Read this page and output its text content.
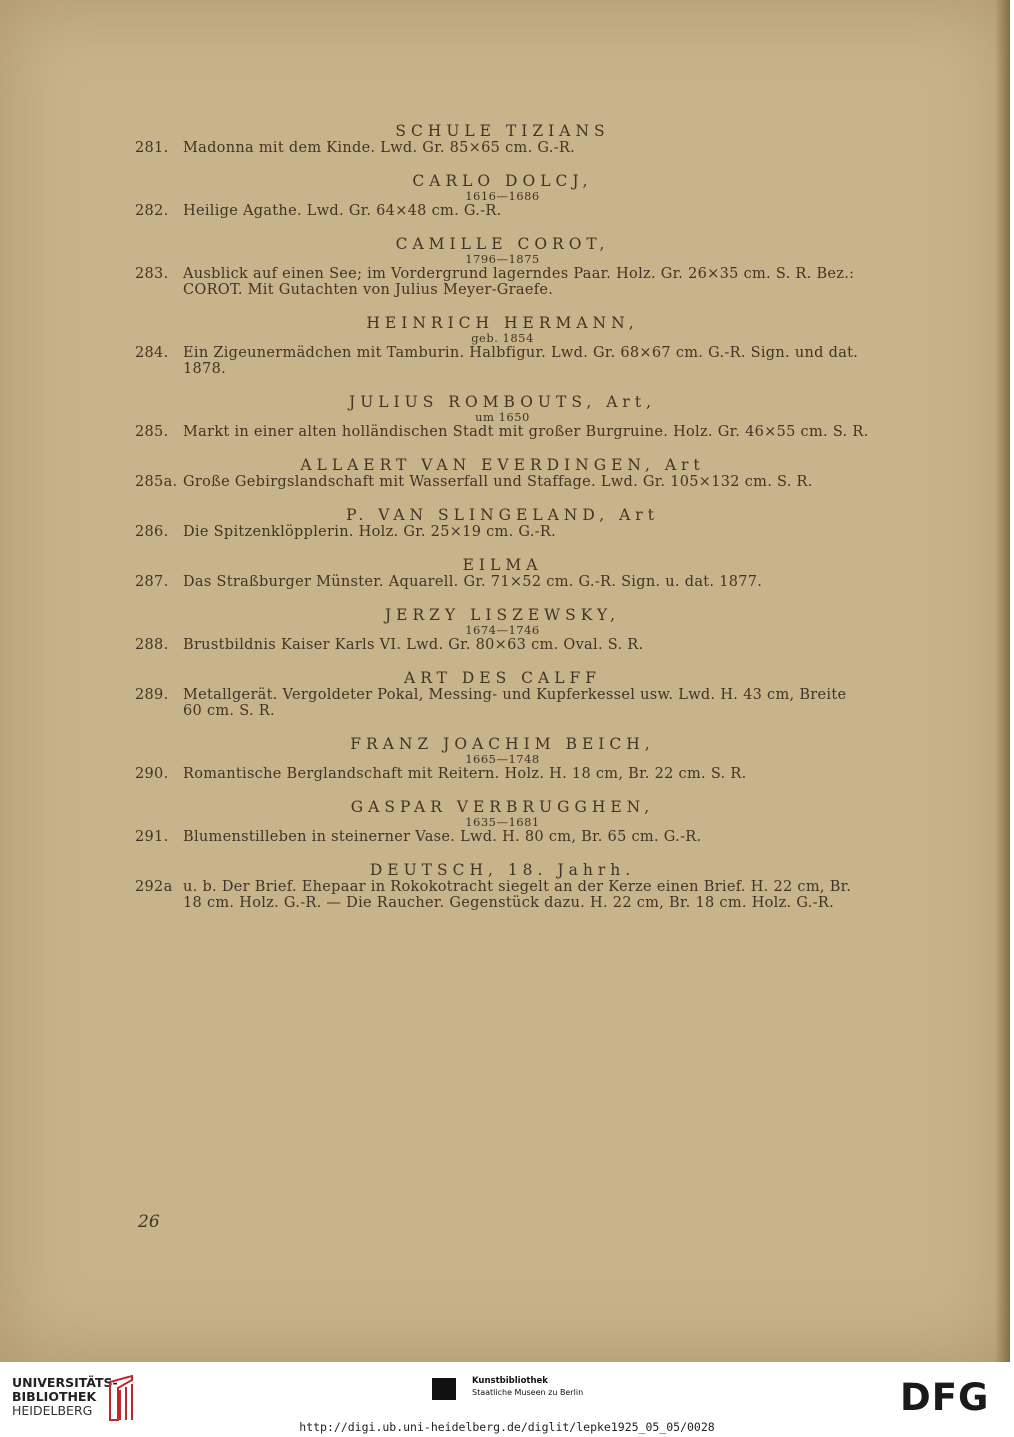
SCHULE TIZIANS
281. Madonna mit dem Kinde. Lwd. Gr. 85×65 cm. G.-R.
CARLO DOLCJ,
1616—1686
282. Heilige Agathe. Lwd. Gr. 64×48 cm. G.-R.
CAMILLE COROT,
1796—1875
283. Ausblick auf einen See; im Vordergrund lagerndes Paar. Holz. Gr. 26×35 cm. S. R. Bez.: COROT. Mit Gutachten von Julius Meyer-Graefe.
HEINRICH HERMANN,
geb. 1854
284. Ein Zigeunermädchen mit Tamburin. Halbfigur. Lwd. Gr. 68×67 cm. G.-R. Sign. und dat. 1878.
JULIUS ROMBOUTS, Art,
um 1650
285. Markt in einer alten holländischen Stadt mit großer Burgruine. Holz. Gr. 46×55 cm. S. R.
ALLAERT VAN EVERDINGEN, Art
285a. Große Gebirgslandschaft mit Wasserfall und Staffage. Lwd. Gr. 105×132 cm. S. R.
P. VAN SLINGELAND, Art
286. Die Spitzenklöpplerin. Holz. Gr. 25×19 cm. G.-R.
EILMA
287. Das Straßburger Münster. Aquarell. Gr. 71×52 cm. G.-R. Sign. u. dat. 1877.
JERZY LISZEWSKY,
1674—1746
288. Brustbildnis Kaiser Karls VI. Lwd. Gr. 80×63 cm. Oval. S. R.
ART DES CALFF
289. Metallgerät. Vergoldeter Pokal, Messing- und Kupferkessel usw. Lwd. H. 43 cm, Breite 60 cm. S. R.
FRANZ JOACHIM BEICH,
1665—1748
290. Romantische Berglandschaft mit Reitern. Holz. H. 18 cm, Br. 22 cm. S. R.
GASPAR VERBRUGGHEN,
1635—1681
291. Blumenstilleben in steinerner Vase. Lwd. H. 80 cm, Br. 65 cm. G.-R.
DEUTSCH, 18. Jahrh.
292a u. b. Der Brief. Ehepaar in Rokokotracht siegelt an der Kerze einen Brief. H. 22 cm, Br. 18 cm. Holz. G.-R. — Die Raucher. Gegenstück dazu. H. 22 cm, Br. 18 cm. Holz. G.-R.
26
UNIVERSITÄTS-
BIBLIOTHEK
HEIDELBERG
Kunstbibliothek
Staatliche Museen zu Berlin	DFG
http://digi.ub.uni-heidelberg.de/diglit/lepke1925_05_05/0028
